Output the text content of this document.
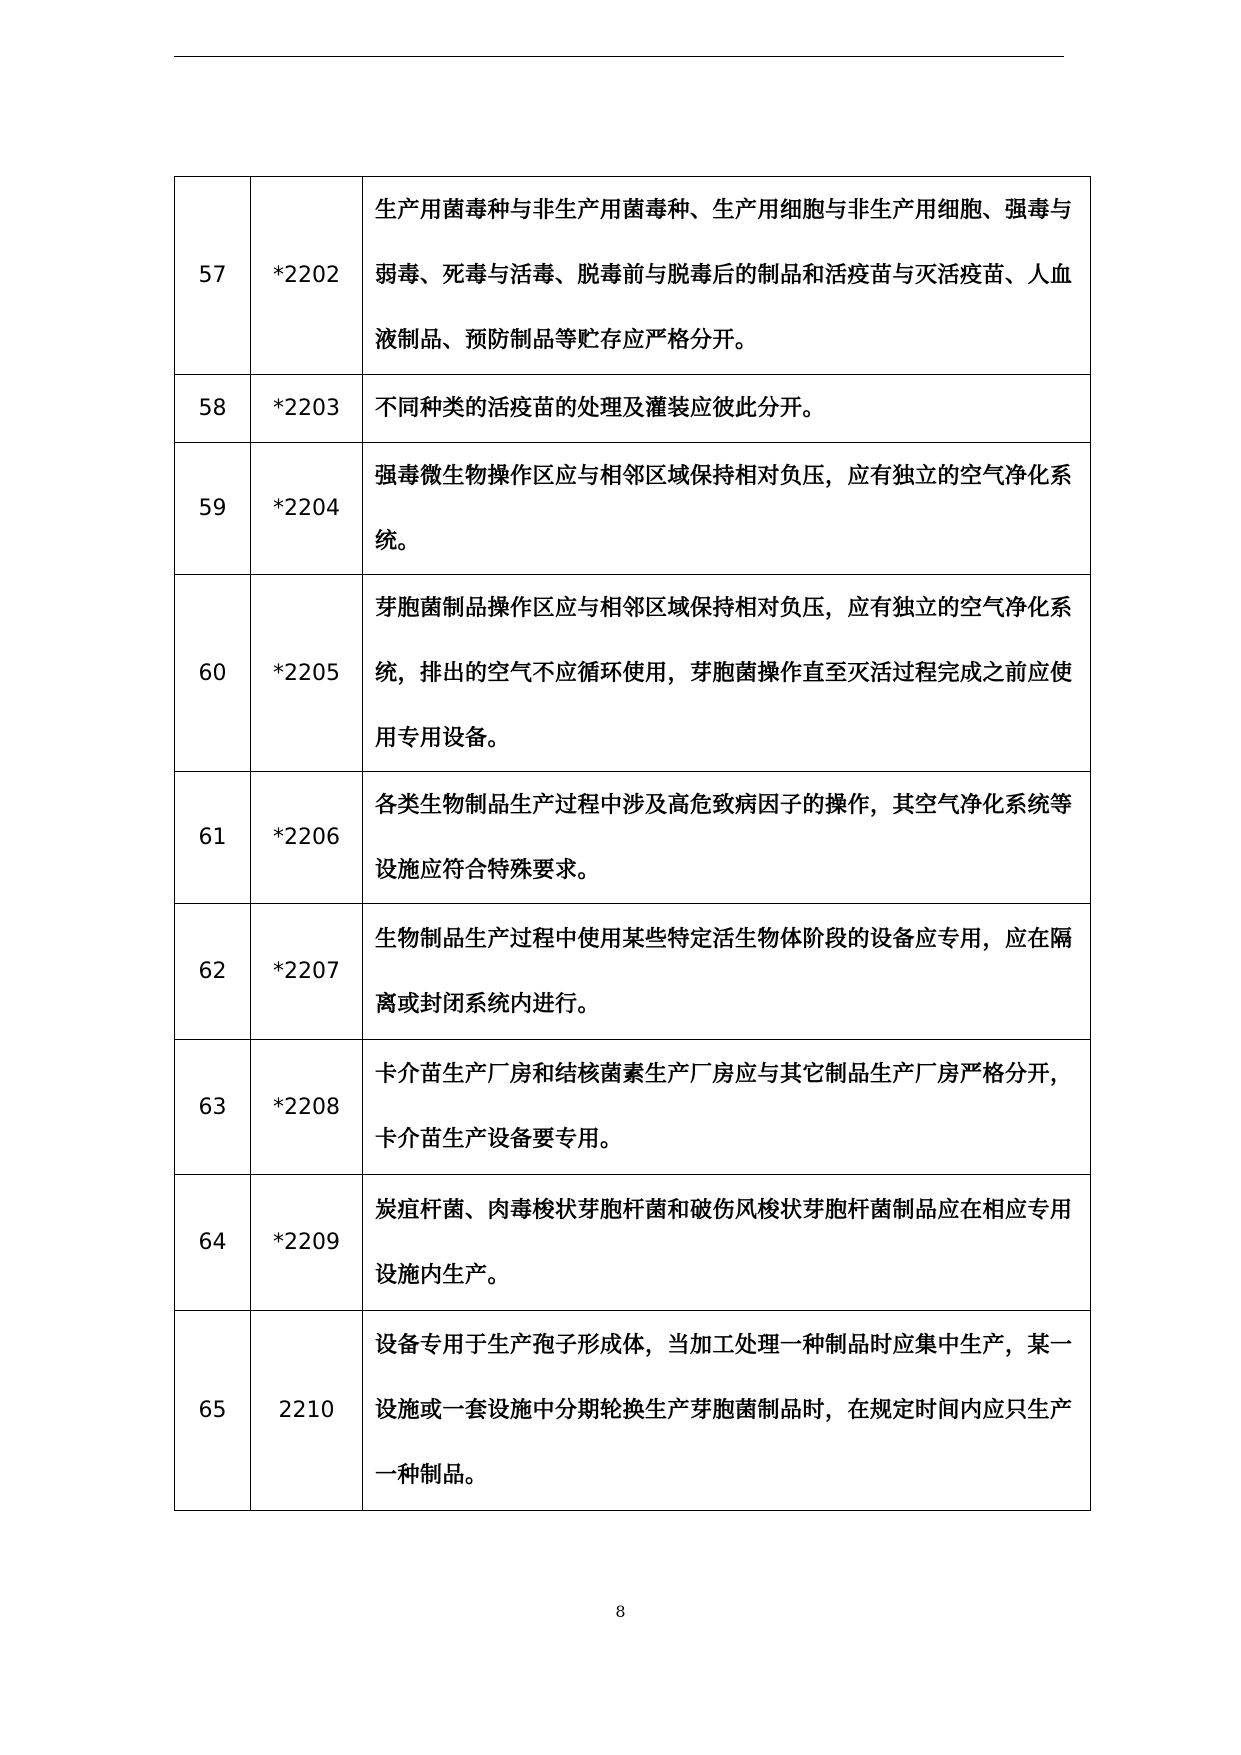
57	*2202	生产用菌毒种与非生产用菌毒种、生产用细胞与非生产用细胞、强毒与弱毒、死毒与活毒、脱毒前与脱毒后的制品和活疫苗与灭活疫苗、人血液制品、预防制品等贮存应严格分开。
58	*2203	不同种类的活疫苗的处理及灌装应彼此分开。
59	*2204	强毒微生物操作区应与相邻区域保持相对负压，应有独立的空气净化系统。
60	*2205	芽胞菌制品操作区应与相邻区域保持相对负压，应有独立的空气净化系统，排出的空气不应循环使用，芽胞菌操作直至灭活过程完成之前应使用专用设备。
61	*2206	各类生物制品生产过程中涉及高危致病因子的操作，其空气净化系统等设施应符合特殊要求。
62	*2207	生物制品生产过程中使用某些特定活生物体阶段的设备应专用，应在隔离或封闭系统内进行。
63	*2208	卡介苗生产厂房和结核菌素生产厂房应与其它制品生产厂房严格分开，卡介苗生产设备要专用。
64	*2209	炭疽杆菌、肉毒梭状芽胞杆菌和破伤风梭状芽胞杆菌制品应在相应专用设施内生产。
65	2210	设备专用于生产孢子形成体，当加工处理一种制品时应集中生产，某一设施或一套设施中分期轮换生产芽胞菌制品时，在规定时间内应只生产一种制品。
8
